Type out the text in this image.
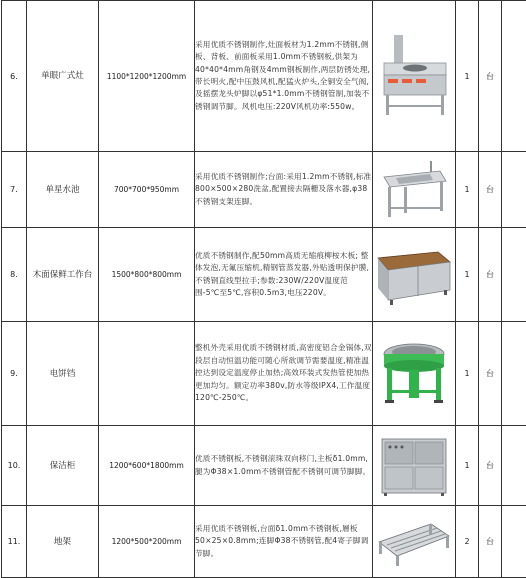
6.	单眼广式灶	1100*1200*1200mm	采用优质不锈钢制作,灶面板材为1.2mm不锈钢,侧板、背板、前面板采用1.0mm不锈钢板,供架为40*40*4mm角钢及4mm钢板制作,两层防锈处理,带长明火,配中压鼓风机,配猛火炉头,全铜安全气阀,及摇摆龙头炉脚以φ51*1.0mm不锈钢管制,加装不锈钢调节脚。风机电压:220V风机功率:550w。		1	台	
7.	单星水池	700*700*950mm	采用优质不锈钢制作;台面:采用1.2mm不锈钢,标准800×500×280洗盆,配置接去隔栅及落水器,φ38不锈钢支架连脚。		1	台	
8.	木面保鲜工作台	1500*800*800mm	优质不锈钢制作,配50mm高质无缩痕柳桉木板; 整体发泡,无氟压缩机,精钢管蒸发器,外贴透明保护膜,不锈钢直线型拉手;参数:230W/220V温度范围-5℃至5℃,容积0.5m3,电压220V。		1	台	
9.	电饼铛		整机外壳采用优质不锈钢材质,高密度铝合金锅体,双段层自动恒温功能可随心所欲调节需要温度,精准温控达到设定温度停止加热;高效环装式发热管使加热更加均匀。额定功率380v,防水等级IPX4,工作温度120℃-250℃。		1	台	
10.	保洁柜	1200*600*1800mm	优质不锈钢板,不锈钢滚珠双向移门,主板δ1.0mm,腿为Φ38×1.0mm不锈钢管配不锈钢可调节脚脚。		1	台	
11.	地架	1200*500*200mm	采用优质不锈钢板,台面δ1.0mm不锈钢板,層板50×25×0.8mm;连脚Φ38不锈钢管,配4寄子脚调节脚。		2	台	
